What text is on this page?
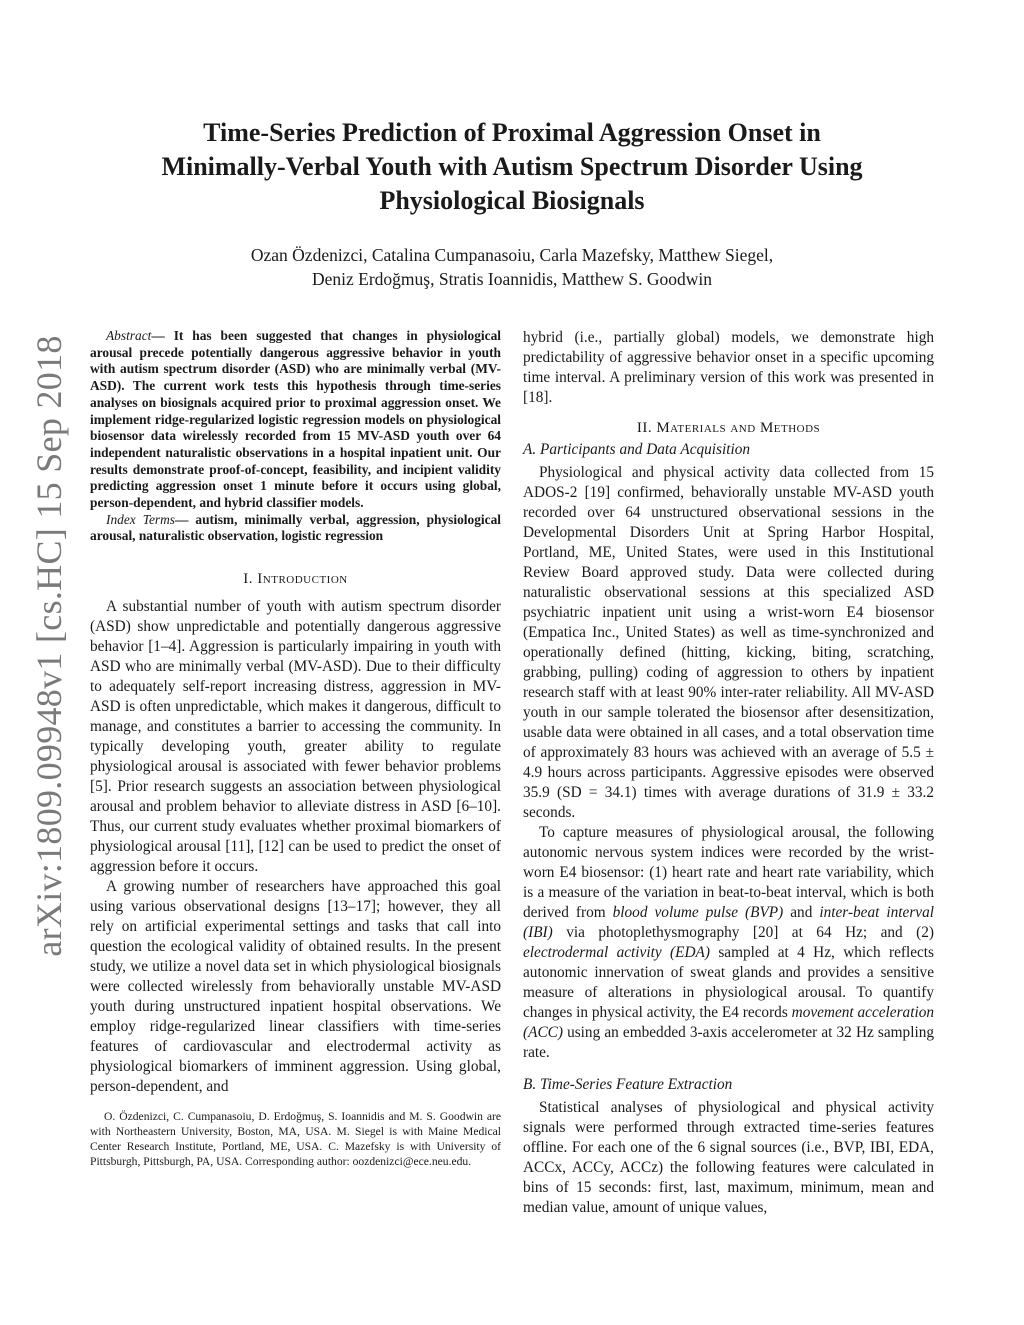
arXiv:1809.09948v1 [cs.HC] 15 Sep 2018
Time-Series Prediction of Proximal Aggression Onset in
Minimally-Verbal Youth with Autism Spectrum Disorder Using
Physiological Biosignals
Ozan Özdenizci, Catalina Cumpanasoiu, Carla Mazefsky, Matthew Siegel,
Deniz Erdoğmuş, Stratis Ioannidis, Matthew S. Goodwin

Abstract— It has been suggested that changes in physiological arousal precede potentially dangerous aggressive behavior in youth with autism spectrum disorder (ASD) who are minimally verbal (MV-ASD). The current work tests this hypothesis through time-series analyses on biosignals acquired prior to proximal aggression onset. We implement ridge-regularized logistic regression models on physiological biosensor data wirelessly recorded from 15 MV-ASD youth over 64 independent naturalistic observations in a hospital inpatient unit. Our results demonstrate proof-of-concept, feasibility, and incipient validity predicting aggression onset 1 minute before it occurs using global, person-dependent, and hybrid classifier models.

Index Terms— autism, minimally verbal, aggression, physiological arousal, naturalistic observation, logistic regression

I. Introduction

A substantial number of youth with autism spectrum disorder (ASD) show unpredictable and potentially dangerous aggressive behavior [1–4]. Aggression is particularly impairing in youth with ASD who are minimally verbal (MV-ASD). Due to their difficulty to adequately self-report increasing distress, aggression in MV-ASD is often unpredictable, which makes it dangerous, difficult to manage, and constitutes a barrier to accessing the community. In typically developing youth, greater ability to regulate physiological arousal is associated with fewer behavior problems [5]. Prior research suggests an association between physiological arousal and problem behavior to alleviate distress in ASD [6–10]. Thus, our current study evaluates whether proximal biomarkers of physiological arousal [11], [12] can be used to predict the onset of aggression before it occurs.

A growing number of researchers have approached this goal using various observational designs [13–17]; however, they all rely on artificial experimental settings and tasks that call into question the ecological validity of obtained results. In the present study, we utilize a novel data set in which physiological biosignals were collected wirelessly from behaviorally unstable MV-ASD youth during unstructured inpatient hospital observations. We employ ridge-regularized linear classifiers with time-series features of cardiovascular and electrodermal activity as physiological biomarkers of imminent aggression. Using global, person-dependent, and

O. Özdenizci, C. Cumpanasoiu, D. Erdoğmuş, S. Ioannidis and M. S. Goodwin are with Northeastern University, Boston, MA, USA. M. Siegel is with Maine Medical Center Research Institute, Portland, ME, USA. C. Mazefsky is with University of Pittsburgh, Pittsburgh, PA, USA. Corresponding author: oozdenizci@ece.neu.edu.

hybrid (i.e., partially global) models, we demonstrate high predictability of aggressive behavior onset in a specific upcoming time interval. A preliminary version of this work was presented in [18].

II. Materials and Methods
A. Participants and Data Acquisition

Physiological and physical activity data collected from 15 ADOS-2 [19] confirmed, behaviorally unstable MV-ASD youth recorded over 64 unstructured observational sessions in the Developmental Disorders Unit at Spring Harbor Hospital, Portland, ME, United States, were used in this Institutional Review Board approved study. Data were collected during naturalistic observational sessions at this specialized ASD psychiatric inpatient unit using a wrist-worn E4 biosensor (Empatica Inc., United States) as well as time-synchronized and operationally defined (hitting, kicking, biting, scratching, grabbing, pulling) coding of aggression to others by inpatient research staff with at least 90% inter-rater reliability. All MV-ASD youth in our sample tolerated the biosensor after desensitization, usable data were obtained in all cases, and a total observation time of approximately 83 hours was achieved with an average of 5.5 ± 4.9 hours across participants. Aggressive episodes were observed 35.9 (SD = 34.1) times with average durations of 31.9 ± 33.2 seconds.

To capture measures of physiological arousal, the following autonomic nervous system indices were recorded by the wrist-worn E4 biosensor: (1) heart rate and heart rate variability, which is a measure of the variation in beat-to-beat interval, which is both derived from blood volume pulse (BVP) and inter-beat interval (IBI) via photoplethysmography [20] at 64 Hz; and (2) electrodermal activity (EDA) sampled at 4 Hz, which reflects autonomic innervation of sweat glands and provides a sensitive measure of alterations in physiological arousal. To quantify changes in physical activity, the E4 records movement acceleration (ACC) using an embedded 3-axis accelerometer at 32 Hz sampling rate.

B. Time-Series Feature Extraction

Statistical analyses of physiological and physical activity signals were performed through extracted time-series features offline. For each one of the 6 signal sources (i.e., BVP, IBI, EDA, ACCx, ACCy, ACCz) the following features were calculated in bins of 15 seconds: first, last, maximum, minimum, mean and median value, amount of unique values,
